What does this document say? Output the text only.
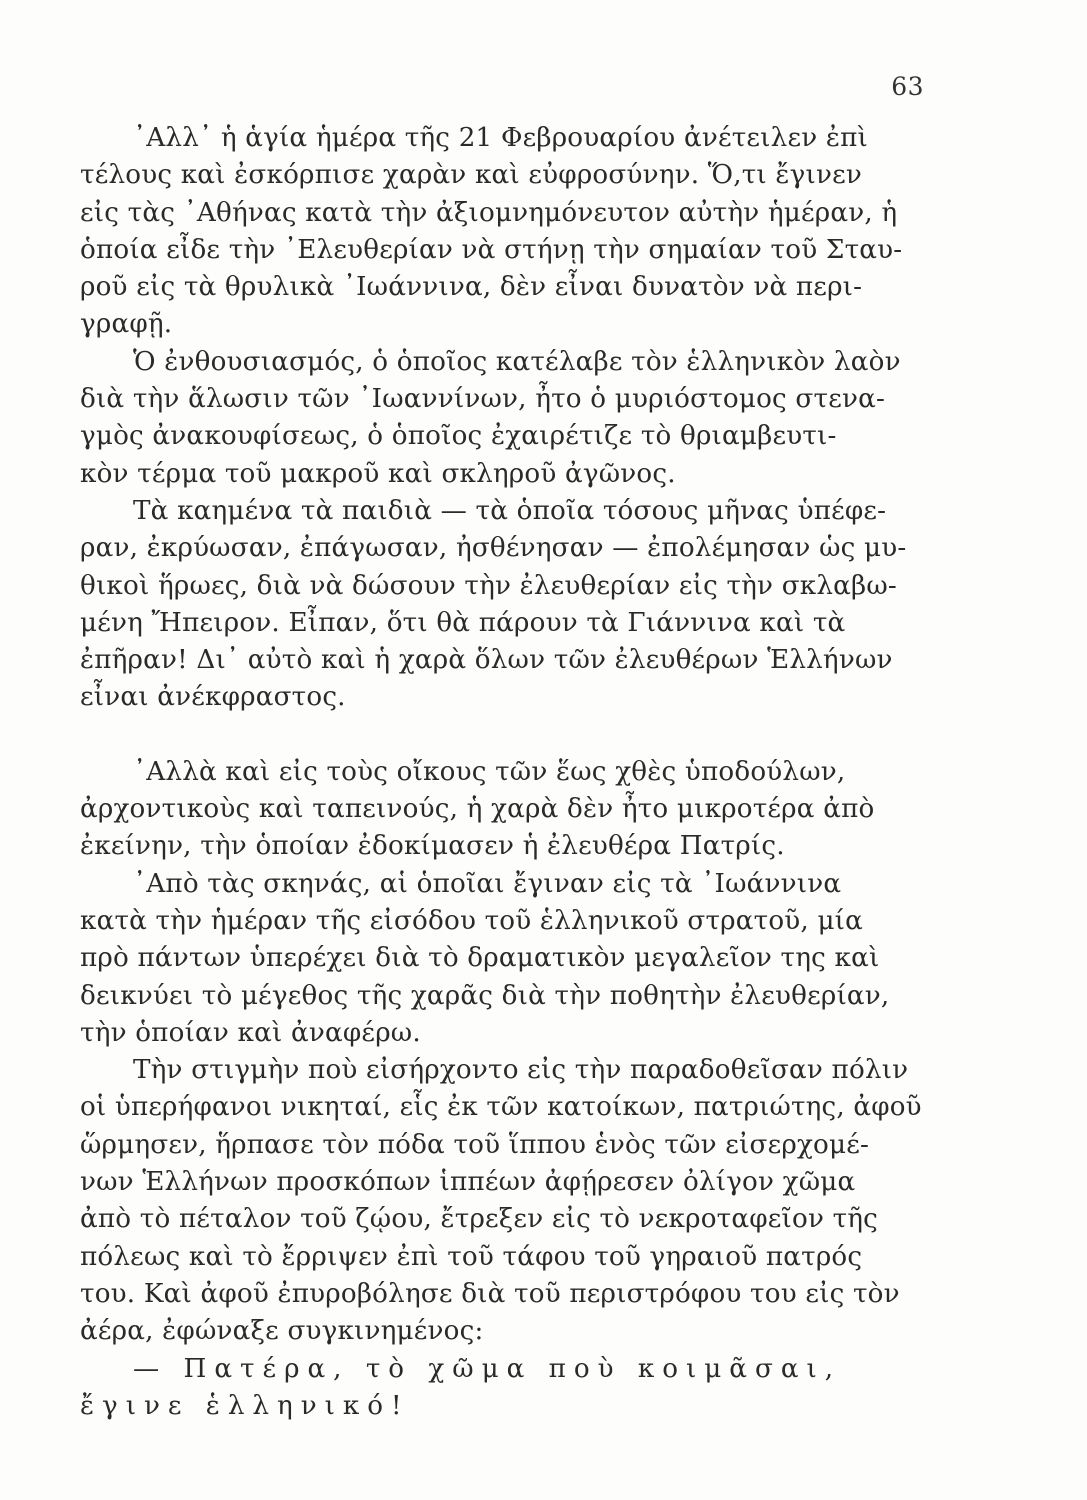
63
᾿Αλλ᾿ ἡ ἁγία ἡμέρα τῆς 21 Φεβρουαρίου ἀνέτειλεν ἐπὶ
τέλους καὶ ἐσκόρπισε χαρὰν καὶ εὐφροσύνην. Ὅ,τι ἔγινεν
εἰς τὰς ᾿Αθήνας κατὰ τὴν ἀξιομνημόνευτον αὐτὴν ἡμέραν, ἡ
ὁποία εἶδε τὴν ᾿Ελευθερίαν νὰ στήνῃ τὴν σημαίαν τοῦ Σταυ-
ροῦ εἰς τὰ θρυλικὰ ᾿Ιωάννινα, δὲν εἶναι δυνατὸν νὰ περι-
γραφῇ.
Ὁ ἐνθουσιασμός, ὁ ὁποῖος κατέλαβε τὸν ἑλληνικὸν λαὸν
διὰ τὴν ἅλωσιν τῶν ᾿Ιωαννίνων, ἦτο ὁ μυριόστομος στενα-
γμὸς ἀνακουφίσεως, ὁ ὁποῖος ἐχαιρέτιζε τὸ θριαμβευτι-
κὸν τέρμα τοῦ μακροῦ καὶ σκληροῦ ἀγῶνος.
Τὰ καημένα τὰ παιδιὰ — τὰ ὁποῖα τόσους μῆνας ὑπέφε-
ραν, ἐκρύωσαν, ἐπάγωσαν, ἠσθένησαν — ἐπολέμησαν ὡς μυ-
θικοὶ ἥρωες, διὰ νὰ δώσουν τὴν ἐλευθερίαν εἰς τὴν σκλαβω-
μένη Ἤπειρον. Εἶπαν, ὅτι θὰ πάρουν τὰ Γιάννινα καὶ τὰ
ἐπῆραν! Δι᾿ αὐτὸ καὶ ἡ χαρὰ ὅλων τῶν ἐλευθέρων Ἑλλήνων
εἶναι ἀνέκφραστος.
᾿Αλλὰ καὶ εἰς τοὺς οἴκους τῶν ἕως χθὲς ὑποδούλων,
ἀρχοντικοὺς καὶ ταπεινούς, ἡ χαρὰ δὲν ἦτο μικροτέρα ἀπὸ
ἐκείνην, τὴν ὁποίαν ἐδοκίμασεν ἡ ἐλευθέρα Πατρίς.
᾿Απὸ τὰς σκηνάς, αἱ ὁποῖαι ἔγιναν εἰς τὰ ᾿Ιωάννινα
κατὰ τὴν ἡμέραν τῆς εἰσόδου τοῦ ἑλληνικοῦ στρατοῦ, μία
πρὸ πάντων ὑπερέχει διὰ τὸ δραματικὸν μεγαλεῖον της καὶ
δεικνύει τὸ μέγεθος τῆς χαρᾶς διὰ τὴν ποθητὴν ἐλευθερίαν,
τὴν ὁποίαν καὶ ἀναφέρω.
Τὴν στιγμὴν ποὺ εἰσήρχοντο εἰς τὴν παραδοθεῖσαν πόλιν
οἱ ὑπερήφανοι νικηταί, εἷς ἐκ τῶν κατοίκων, πατριώτης, ἀφοῦ
ὥρμησεν, ἥρπασε τὸν πόδα τοῦ ἵππου ἑνὸς τῶν εἰσερχομέ-
νων Ἑλλήνων προσκόπων ἱππέων ἀφῄρεσεν ὀλίγον χῶμα
ἀπὸ τὸ πέταλον τοῦ ζῴου, ἔτρεξεν εἰς τὸ νεκροταφεῖον τῆς
πόλεως καὶ τὸ ἔρριψεν ἐπὶ τοῦ τάφου τοῦ γηραιοῦ πατρός
του. Καὶ ἀφοῦ ἐπυροβόλησε διὰ τοῦ περιστρόφου του εἰς τὸν
ἀέρα, ἐφώναξε συγκινημένος:
— Πατέρα, τὸ χῶμα ποὺ κοιμᾶσαι,
ἔγινε ἑλληνικό!
